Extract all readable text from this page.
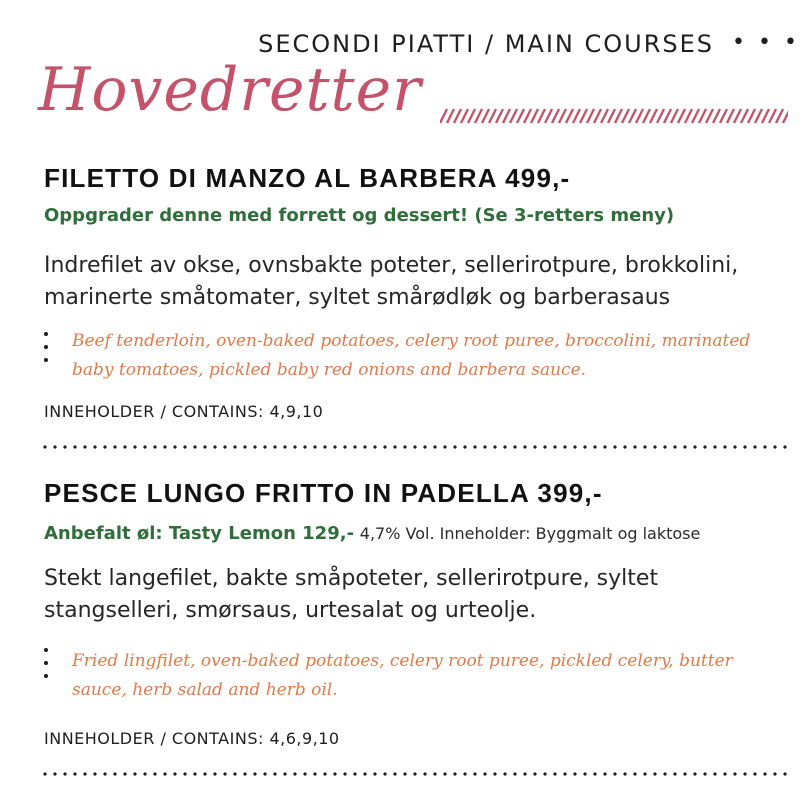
SECONDI PIATTI / MAIN COURSES • • •
Hovedretter
FILETTO DI MANZO AL BARBERA 499,-
Oppgrader denne med forrett og dessert! (Se 3-retters meny)
Indrefilet av okse, ovnsbakte poteter, sellerirotpure, brokkolini, marinerte småtomater, syltet smårødløk og barberasaus
Beef tenderloin, oven-baked potatoes, celery root puree, broccolini, marinated baby tomatoes, pickled baby red onions and barbera sauce.
INNEHOLDER / CONTAINS: 4,9,10
PESCE LUNGO FRITTO IN PADELLA 399,-
Anbefalt øl: Tasty Lemon 129,- 4,7% Vol. Inneholder: Byggmalt og laktose
Stekt langefilet, bakte småpoteter, sellerirotpure, syltet stangselleri, smørsaus, urtesalat og urteolje.
Fried lingfilet, oven-baked potatoes, celery root puree, pickled celery, butter sauce, herb salad and herb oil.
INNEHOLDER / CONTAINS: 4,6,9,10
